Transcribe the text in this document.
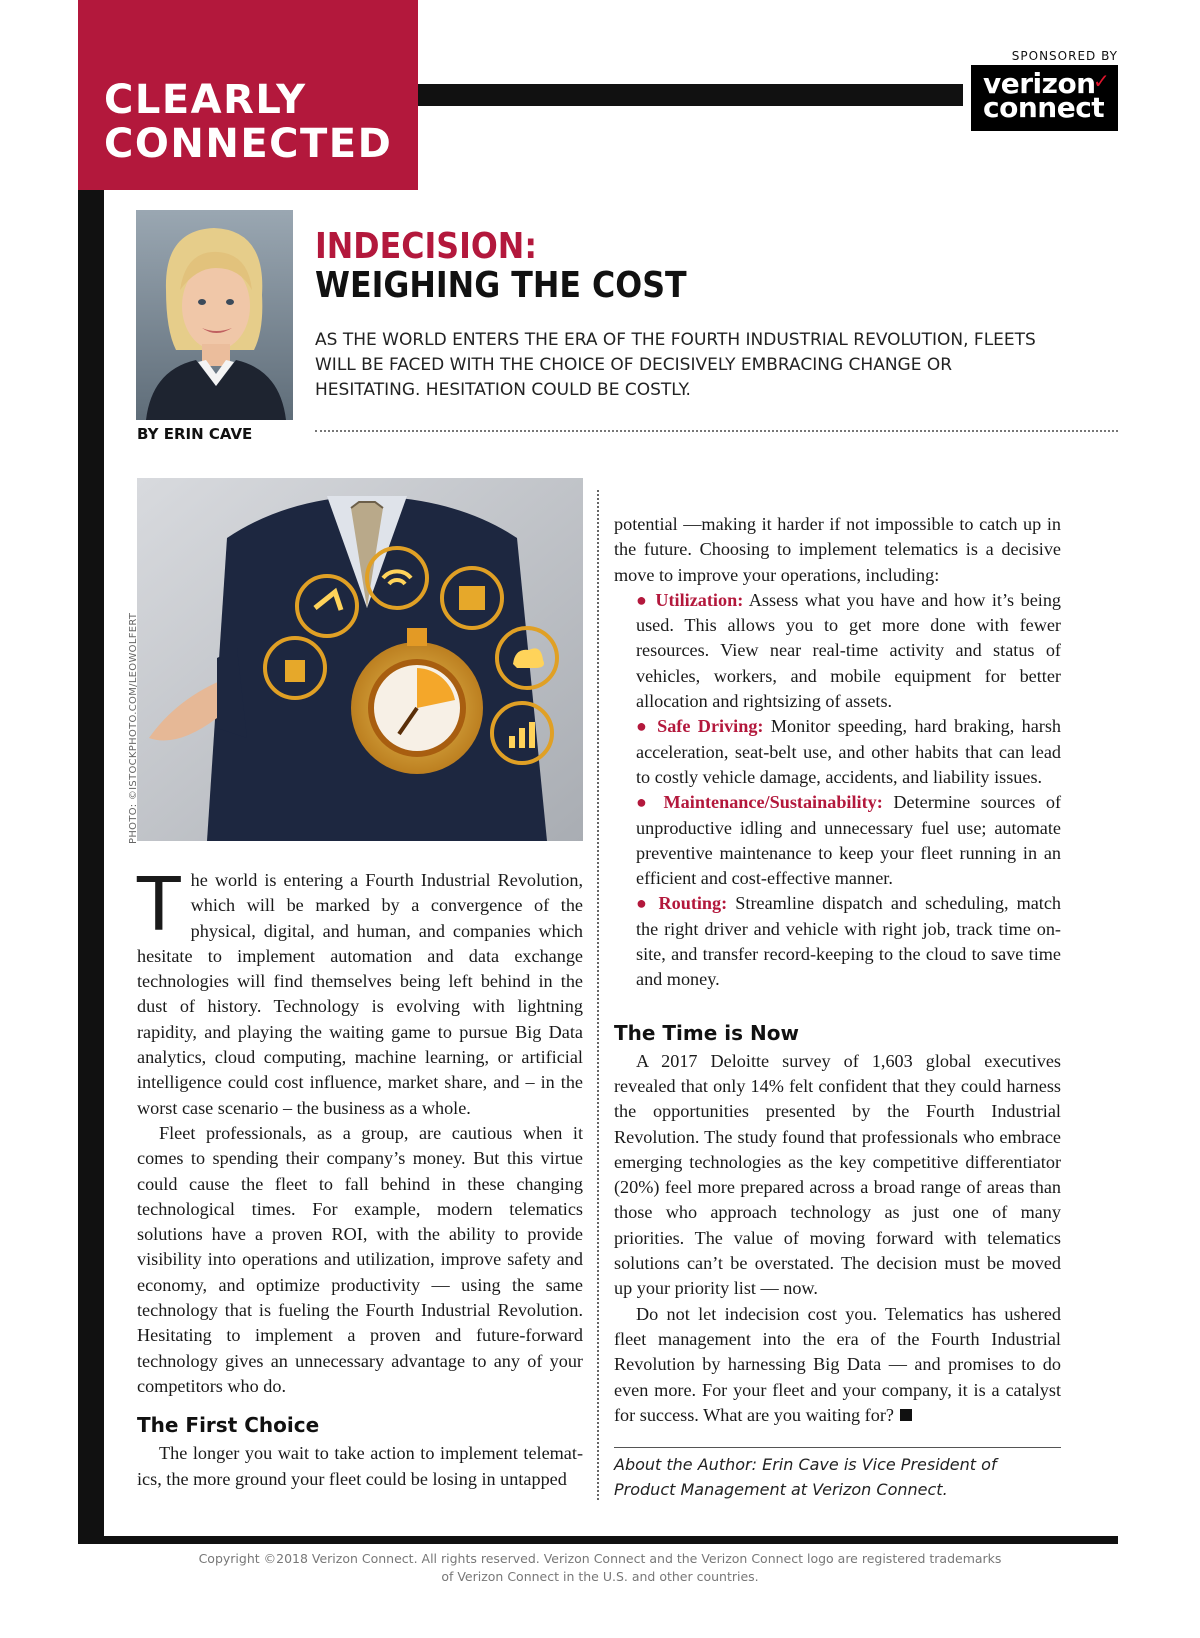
CLEARLY
CONNECTED
SPONSORED BY
verizon
connect
✓
BY ERIN CAVE
INDECISION:
WEIGHING THE COST
AS THE WORLD ENTERS THE ERA OF THE FOURTH INDUSTRIAL REVOLUTION, FLEETS WILL BE FACED WITH THE CHOICE OF DECISIVELY EMBRACING CHANGE OR HESITATING. HESITATION COULD BE COSTLY.
PHOTO: ©ISTOCKPHOTO.COM/LEOWOLFERT

The world is entering a Fourth Industrial Revolution, which will be marked by a convergence of the physical, digital, and human, and companies which hesitate to implement automation and data exchange technologies will find themselves being left behind in the dust of history. Technology is evolving with lightning rapidity, and playing the waiting game to pursue Big Data analytics, cloud computing, machine learning, or artificial intelligence could cost influence, market share, and – in the worst case scenario – the business as a whole.

Fleet professionals, as a group, are cautious when it comes to spending their company’s money. But this virtue could cause the fleet to fall behind in these changing technological times. For example, modern telematics solutions have a proven ROI, with the ability to provide visibility into operations and utilization, improve safety and economy, and optimize productivity — using the same technology that is fueling the Fourth Industrial Revolution. Hesitating to implement a proven and future-forward technology gives an unnecessary advantage to any of your competitors who do.

The First Choice

The longer you wait to take action to implement telematics, the more ground your fleet could be losing in untapped

potential —making it harder if not impossible to catch up in the future. Choosing to implement telematics is a decisive move to improve your operations, including:

● Utilization: Assess what you have and how it’s being used. This allows you to get more done with fewer resources. View near real-time activity and status of vehicles, workers, and mobile equipment for better allocation and rightsizing of assets.
● Safe Driving: Monitor speeding, hard braking, harsh acceleration, seat-belt use, and other habits that can lead to costly vehicle damage, accidents, and liability issues.
● Maintenance/Sustainability: Determine sources of unproductive idling and unnecessary fuel use; automate preventive maintenance to keep your fleet running in an efficient and cost-effective manner.
● Routing: Streamline dispatch and scheduling, match the right driver and vehicle with right job, track time on-site, and transfer record-keeping to the cloud to save time and money.

The Time is Now

A 2017 Deloitte survey of 1,603 global executives revealed that only 14% felt confident that they could harness the opportunities presented by the Fourth Industrial Revolution. The study found that professionals who embrace emerging technologies as the key competitive differentiator (20%) feel more prepared across a broad range of areas than those who approach technology as just one of many priorities. The value of moving forward with telematics solutions can’t be overstated. The decision must be moved up your priority list — now.

Do not let indecision cost you. Telematics has ushered fleet management into the era of the Fourth Industrial Revolution by harnessing Big Data — and promises to do even more. For your fleet and your company, it is a catalyst for success. What are you waiting for?

About the Author: Erin Cave is Vice President of Product Management at Verizon Connect.
Copyright ©2018 Verizon Connect. All rights reserved. Verizon Connect and the Verizon Connect logo are registered trademarks
of Verizon Connect in the U.S. and other countries.
